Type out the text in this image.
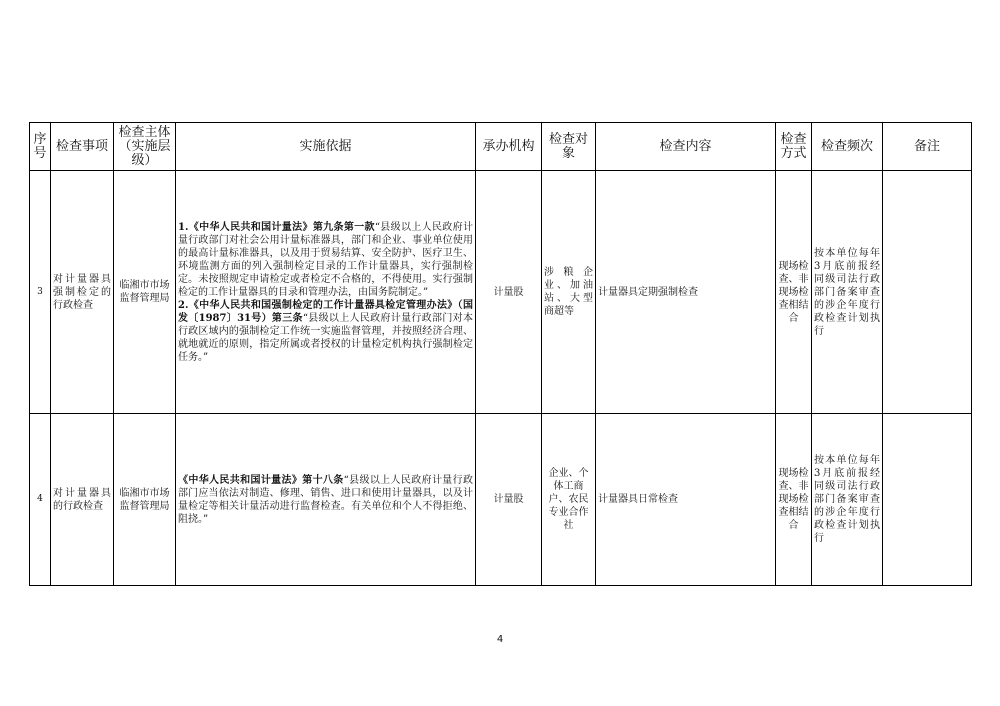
序号	检查事项	检查主体（实施层级）	实施依据	承办机构	检查对象	检查内容	检查方式	检查频次	备注
3	对计量器具强制检定的行政检查	临湘市市场监督管理局	1.《中华人民共和国计量法》第九条第一款“县级以上人民政府计量行政部门对社会公用计量标准器具，部门和企业、事业单位使用的最高计量标准器具，以及用于贸易结算、安全防护、医疗卫生、环境监测方面的列入强制检定目录的工作计量器具，实行强制检定。未按照规定申请检定或者检定不合格的，不得使用。实行强制检定的工作计量器具的目录和管理办法，由国务院制定。”
2.《中华人民共和国强制检定的工作计量器具检定管理办法》（国发〔1987〕31号）第三条“县级以上人民政府计量行政部门对本行政区域内的强制检定工作统一实施监督管理，并按照经济合理、就地就近的原则，指定所属或者授权的计量检定机构执行强制检定任务。”	计量股	涉粮企业、加油站、大型商超等	计量器具定期强制检查	现场检查、非现场检查相结合	按本单位每年3月底前报经同级司法行政部门备案审查的涉企年度行政检查计划执行	
4	对计量器具的行政检查	临湘市市场监督管理局	《中华人民共和国计量法》第十八条“县级以上人民政府计量行政部门应当依法对制造、修理、销售、进口和使用计量器具，以及计量检定等相关计量活动进行监督检查。有关单位和个人不得拒绝、阻挠。”	计量股	企业、个体工商户、农民专业合作社	计量器具日常检查	现场检查、非现场检查相结合	按本单位每年3月底前报经同级司法行政部门备案审查的涉企年度行政检查计划执行	
4
